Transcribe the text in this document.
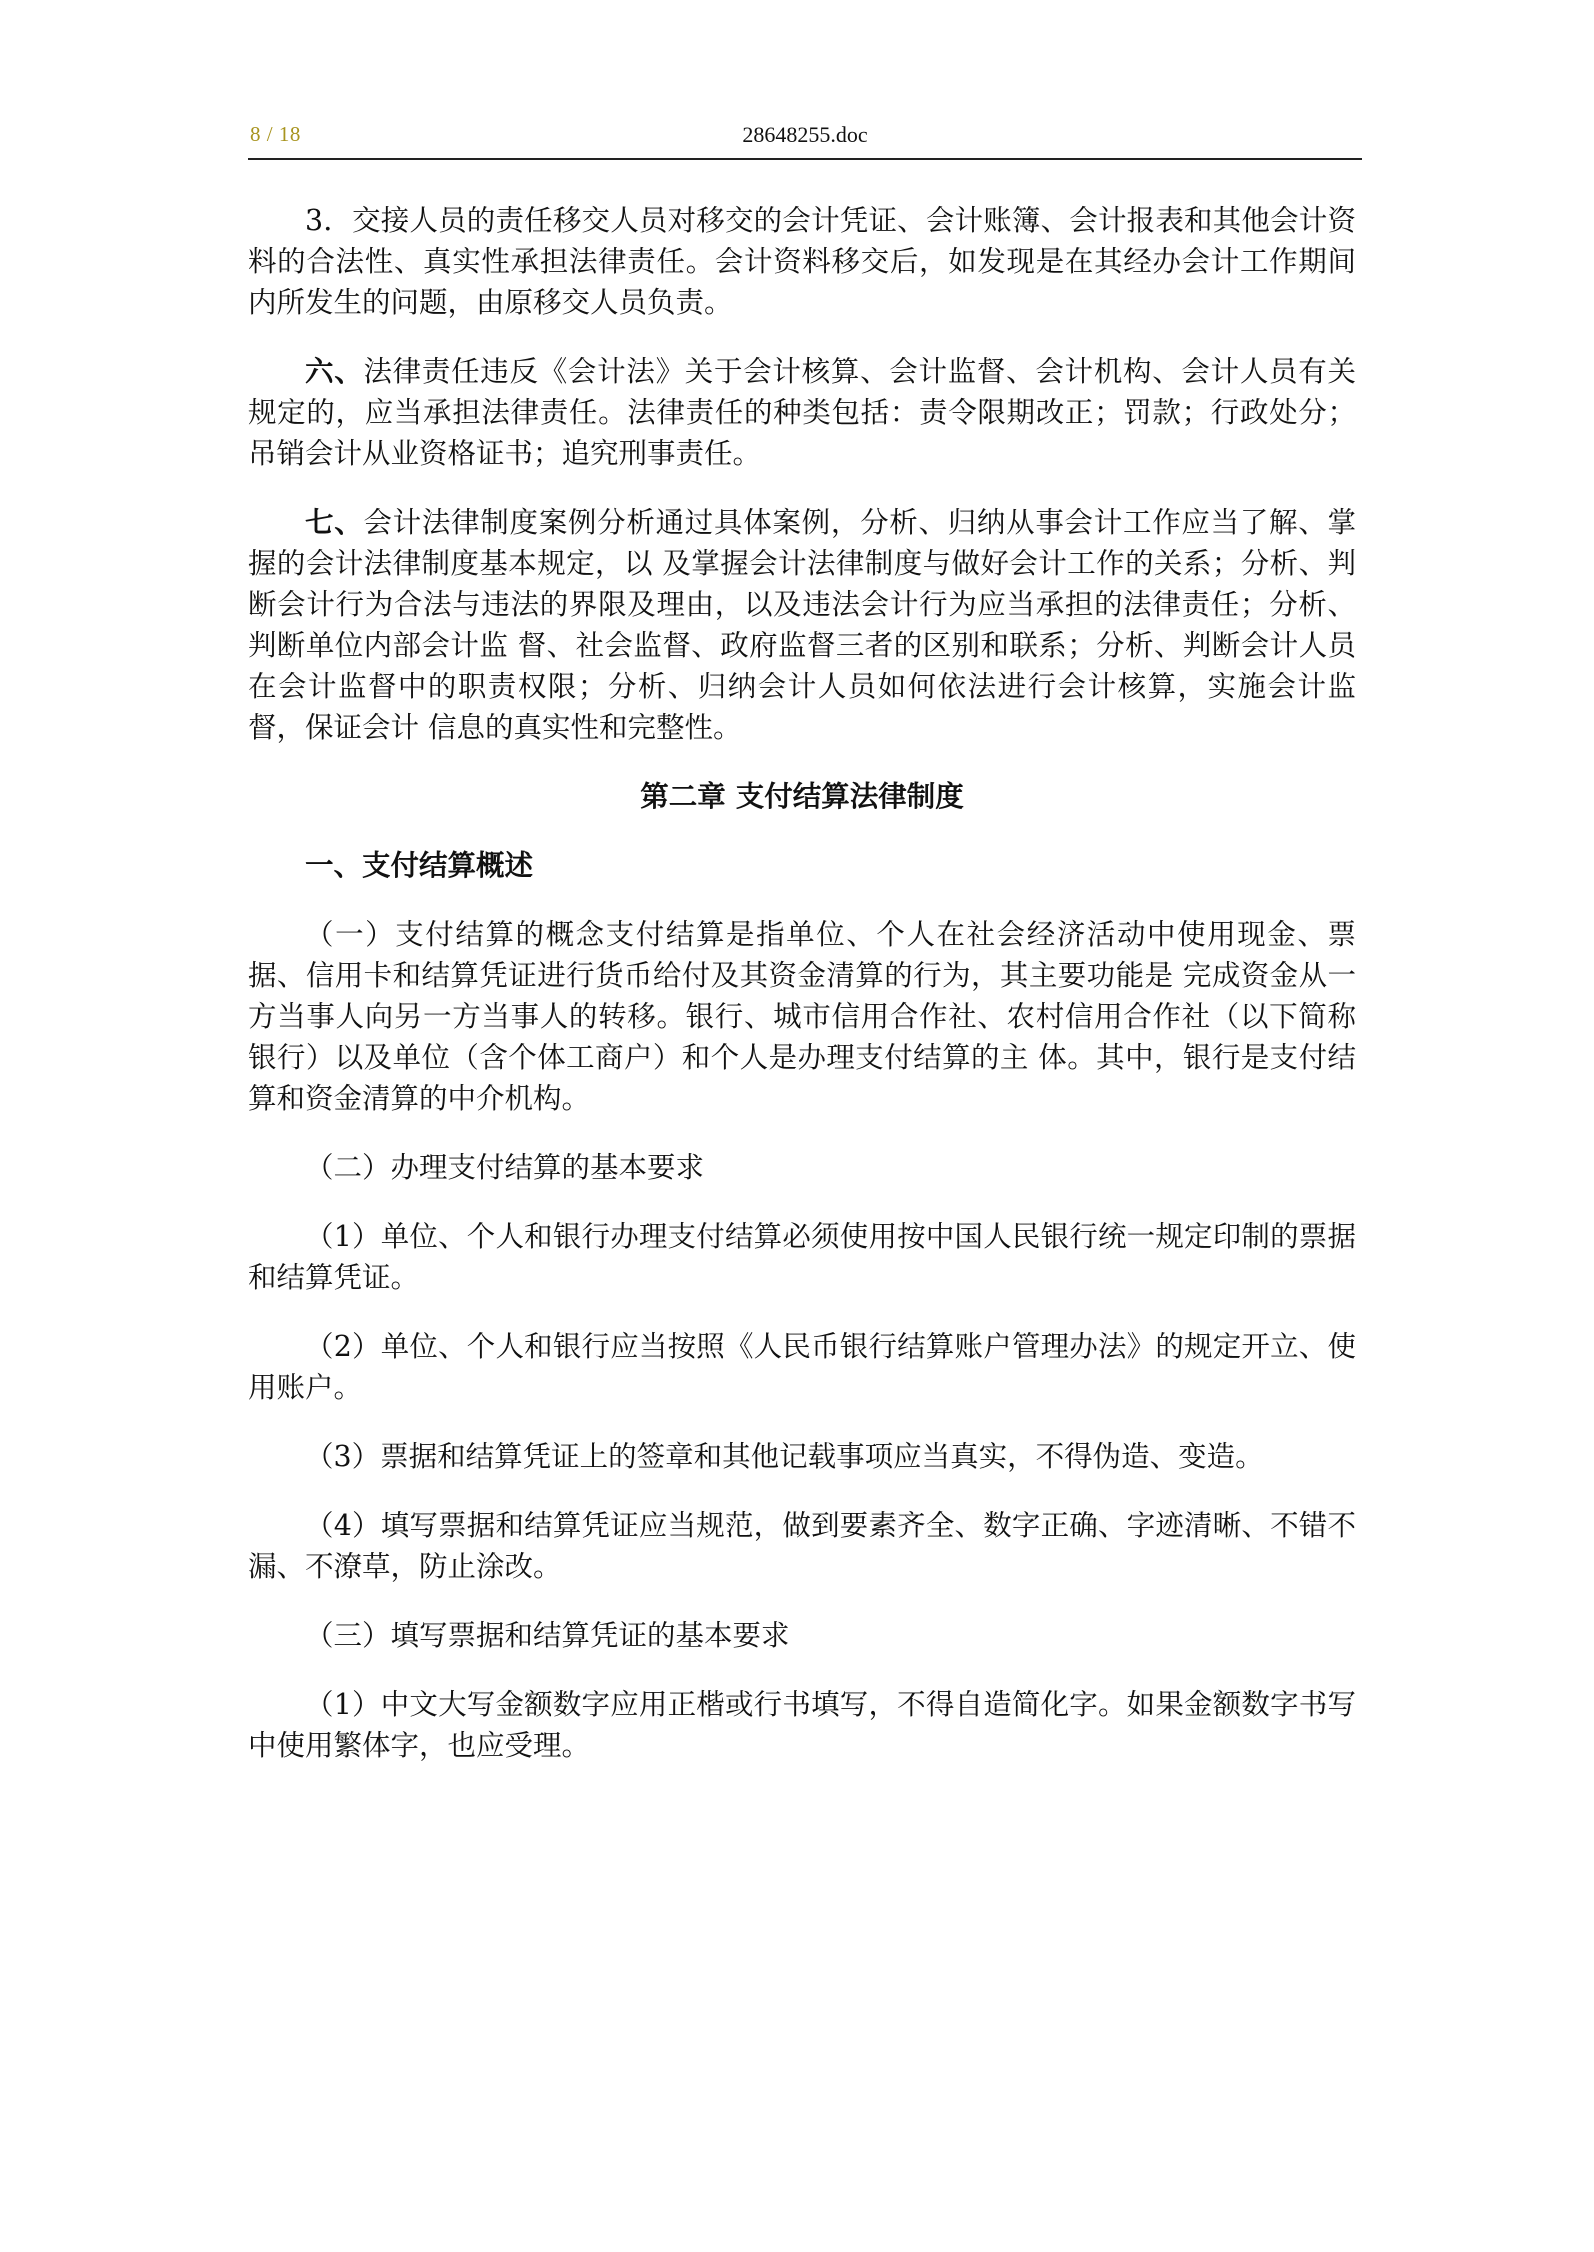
8 / 18	28648255.doc

3．交接人员的责任移交人员对移交的会计凭证、会计账簿、会计报表和其他会计资料的合法性、真实性承担法律责任。会计资料移交后，如发现是在其经办会计工作期间内所发生的问题，由原移交人员负责。

六、法律责任违反《会计法》关于会计核算、会计监督、会计机构、会计人员有关规定的，应当承担法律责任。法律责任的种类包括：责令限期改正；罚款；行政处分；吊销会计从业资格证书；追究刑事责任。

七、会计法律制度案例分析通过具体案例，分析、归纳从事会计工作应当了解、掌握的会计法律制度基本规定，以 及掌握会计法律制度与做好会计工作的关系；分析、判断会计行为合法与违法的界限及理由，以及违法会计行为应当承担的法律责任；分析、判断单位内部会计监 督、社会监督、政府监督三者的区别和联系；分析、判断会计人员在会计监督中的职责权限；分析、归纳会计人员如何依法进行会计核算，实施会计监督，保证会计 信息的真实性和完整性。

第二章 支付结算法律制度
一、支付结算概述

（一）支付结算的概念支付结算是指单位、个人在社会经济活动中使用现金、票据、信用卡和结算凭证进行货币给付及其资金清算的行为，其主要功能是 完成资金从一方当事人向另一方当事人的转移。银行、城市信用合作社、农村信用合作社（以下简称银行）以及单位（含个体工商户）和个人是办理支付结算的主 体。其中，银行是支付结算和资金清算的中介机构。

（二）办理支付结算的基本要求

（1）单位、个人和银行办理支付结算必须使用按中国人民银行统一规定印制的票据和结算凭证。

（2）单位、个人和银行应当按照《人民币银行结算账户管理办法》的规定开立、使用账户。

（3）票据和结算凭证上的签章和其他记载事项应当真实，不得伪造、变造。

（4）填写票据和结算凭证应当规范，做到要素齐全、数字正确、字迹清晰、不错不漏、不潦草，防止涂改。

（三）填写票据和结算凭证的基本要求

（1）中文大写金额数字应用正楷或行书填写，不得自造简化字。如果金额数字书写中使用繁体字，也应受理。
